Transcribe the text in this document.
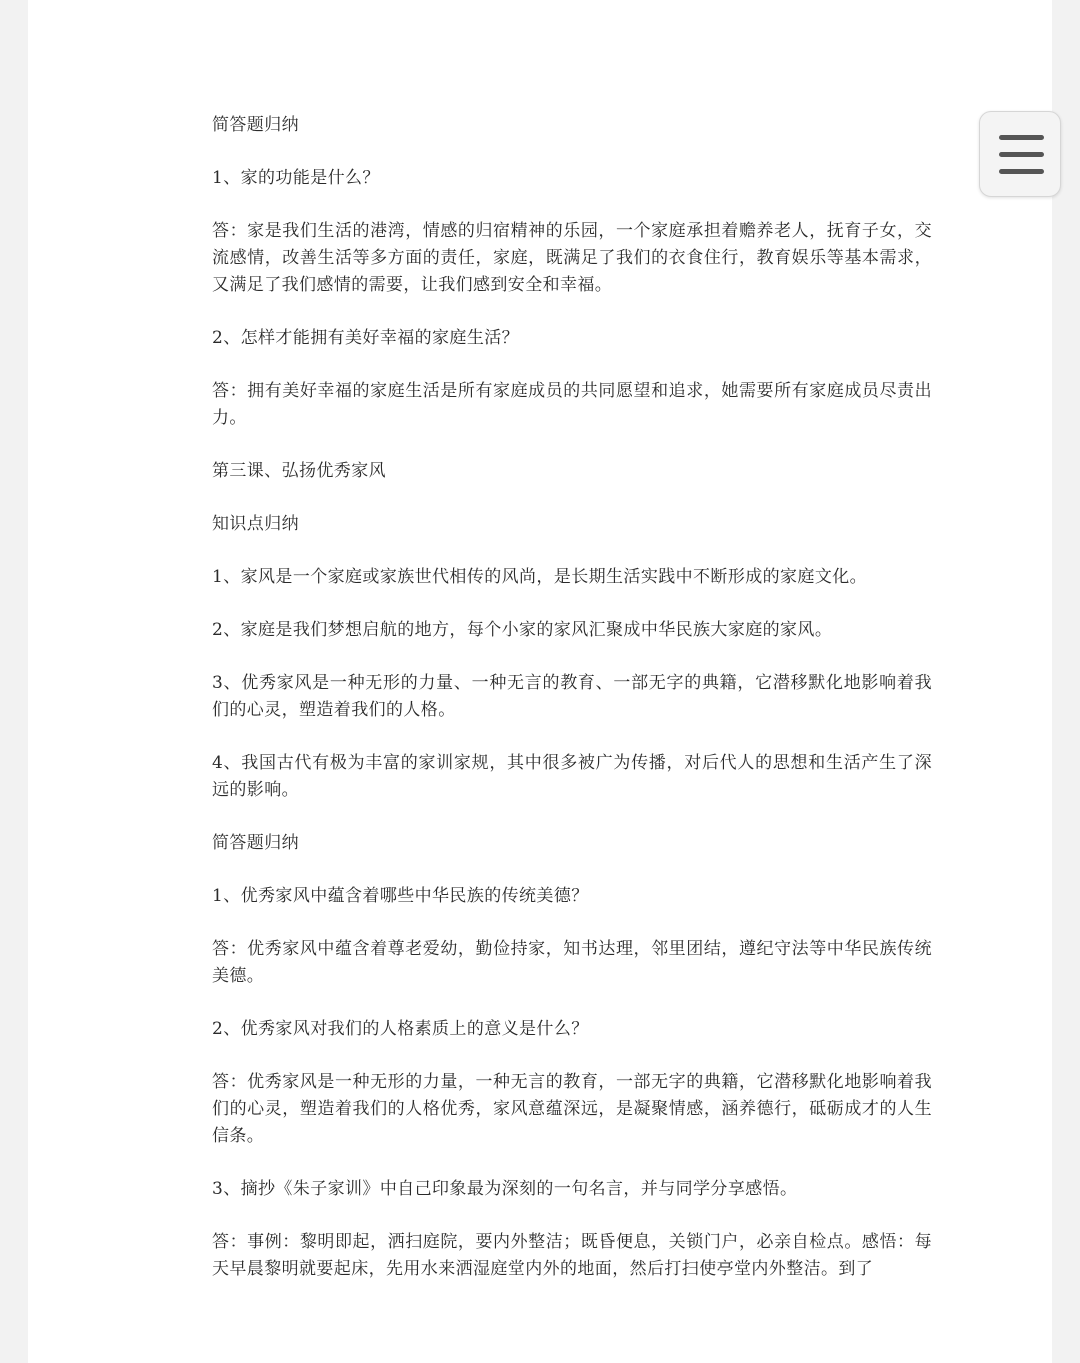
简答题归纳

1、家的功能是什么？

答：家是我们生活的港湾，情感的归宿精神的乐园，一个家庭承担着赡养老人，抚育子女，交流感情，改善生活等多方面的责任，家庭，既满足了我们的衣食住行，教育娱乐等基本需求，又满足了我们感情的需要，让我们感到安全和幸福。

2、怎样才能拥有美好幸福的家庭生活？

答：拥有美好幸福的家庭生活是所有家庭成员的共同愿望和追求，她需要所有家庭成员尽责出力。

第三课、弘扬优秀家风

知识点归纳

1、家风是一个家庭或家族世代相传的风尚，是长期生活实践中不断形成的家庭文化。

2、家庭是我们梦想启航的地方，每个小家的家风汇聚成中华民族大家庭的家风。

3、优秀家风是一种无形的力量、一种无言的教育、一部无字的典籍，它潜移默化地影响着我们的心灵，塑造着我们的人格。

4、我国古代有极为丰富的家训家规，其中很多被广为传播，对后代人的思想和生活产生了深远的影响。

简答题归纳

1、优秀家风中蕴含着哪些中华民族的传统美德？

答：优秀家风中蕴含着尊老爱幼，勤俭持家，知书达理，邻里团结，遵纪守法等中华民族传统美德。

2、优秀家风对我们的人格素质上的意义是什么？

答：优秀家风是一种无形的力量，一种无言的教育，一部无字的典籍，它潜移默化地影响着我们的心灵，塑造着我们的人格优秀，家风意蕴深远，是凝聚情感，涵养德行，砥砺成才的人生信条。

3、摘抄《朱子家训》中自己印象最为深刻的一句名言，并与同学分享感悟。

答：事例：黎明即起，洒扫庭院，要内外整洁；既昏便息，关锁门户，必亲自检点。感悟：每天早晨黎明就要起床，先用水来洒湿庭堂内外的地面，然后打扫使亭堂内外整洁。到了
